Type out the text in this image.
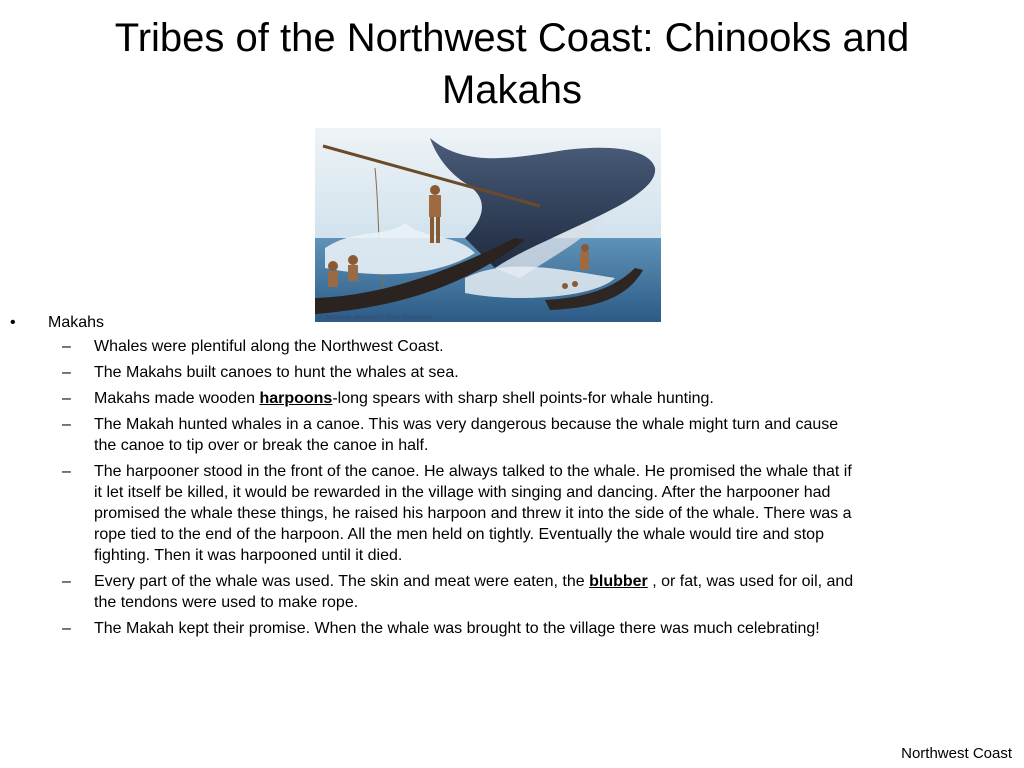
Tribes of the Northwest Coast: Chinooks and Makahs
A harpooner prepares to throw his weapon
• Makahs
– Whales were plentiful along the Northwest Coast.
– The Makahs built canoes to hunt the whales at sea.
– Makahs made wooden harpoons-long spears with sharp shell points-for whale hunting.
– The Makah hunted whales in a canoe. This was very dangerous because the whale might turn and cause the canoe to tip over or break the canoe in half.
– The harpooner stood in the front of the canoe. He always talked to the whale. He promised the whale that if it let itself be killed, it would be rewarded in the village with singing and dancing. After the harpooner had promised the whale these things, he raised his harpoon and threw it into the side of the whale. There was a rope tied to the end of the harpoon. All the men held on tightly. Eventually the whale would tire and stop fighting. Then it was harpooned until it died.
– Every part of the whale was used. The skin and meat were eaten, the blubber , or fat, was used for oil, and the tendons were used to make rope.
– The Makah kept their promise. When the whale was brought to the village there was much celebrating!
Northwest Coast
